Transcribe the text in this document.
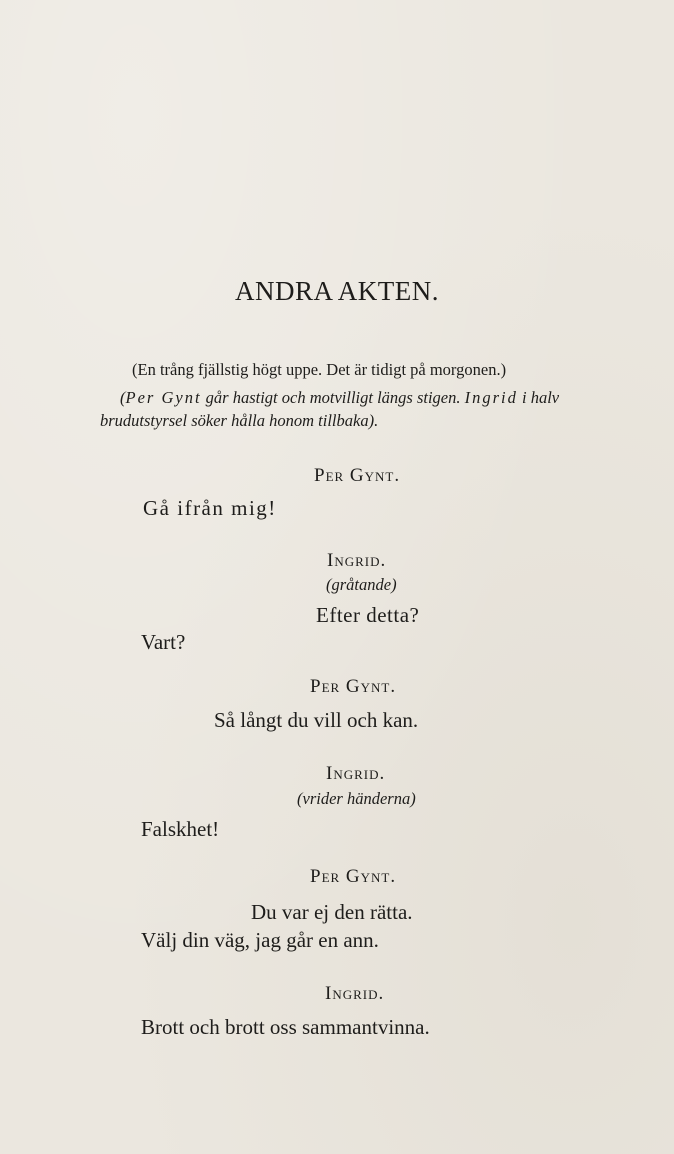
ANDRA AKTEN.
(En trång fjällstig högt uppe. Det är tidigt på morgonen.)
(Per Gynt går hastigt och motvilligt längs stigen. Ingrid i halv
brudutstyrsel söker hålla honom tillbaka).
Per Gynt.
Gå ifrån mig!
Ingrid.
(gråtande)
Efter detta?
Vart?
Per Gynt.
Så långt du vill och kan.
Ingrid.
(vrider händerna)
Falskhet!
Per Gynt.
Du var ej den rätta.
Välj din väg, jag går en ann.
Ingrid.
Brott och brott oss sammantvinna.
